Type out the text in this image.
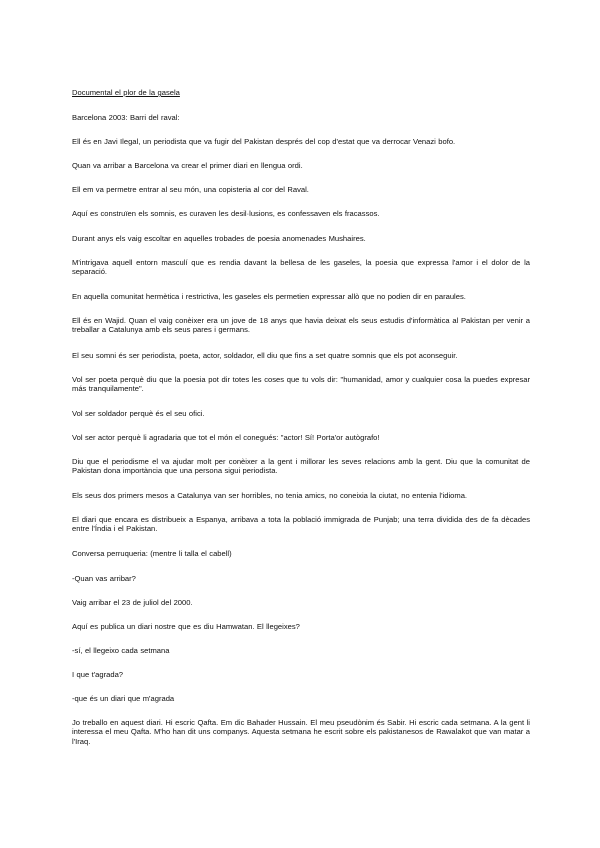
Documental el plor de la gasela
Barcelona 2003: Barri del raval:
Ell és en Javi Ilegal, un periodista que va fugir del Pakistan després del cop d'estat que va derrocar Venazi bofo.
Quan va arribar a Barcelona va crear el primer diari en llengua ordi.
Ell em va permetre entrar al seu món, una copisteria al cor del Raval.
Aquí es construïen els somnis, es curaven les desil·lusions, es confessaven els fracassos.
Durant anys els vaig escoltar en aquelles trobades de poesia anomenades Mushaires.
M'intrigava aquell entorn masculí que es rendia davant la bellesa de les gaseles, la poesia que expressa l'amor i el dolor de la separació.
En aquella comunitat hermètica i restrictiva, les gaseles els permetien expressar allò que no podien dir en paraules.
Ell és en Wajid. Quan el vaig conèixer era un jove de 18 anys que havia deixat els seus estudis d'informàtica al Pakistan per venir a treballar a Catalunya amb els seus pares i germans.
El seu somni és ser periodista, poeta, actor, soldador, ell diu que fins a set quatre somnis que els pot aconseguir.
Vol ser poeta perquè diu que la poesia pot dir totes les coses que tu vols dir: "humanidad, amor y cualquier cosa la puedes expresar más tranquilamente".
Vol ser soldador perquè és el seu ofici.
Vol ser actor perquè li agradaria que tot el món el conegués: "actor! Sí! Porta'or autògrafo!
Diu que el periodisme el va ajudar molt per conèixer a la gent i millorar les seves relacions amb la gent. Diu que la comunitat de Pakistan dona importància que una persona sigui periodista.
Els seus dos primers mesos a Catalunya van ser horribles, no tenia amics, no coneixia la ciutat, no entenia l'idioma.
El diari que encara es distribueix a Espanya, arribava a tota la població immigrada de Punjab; una terra dividida des de fa dècades entre l'Índia i el Pakistan.
Conversa perruqueria: (mentre li talla el cabell)
-Quan vas arribar?
Vaig arribar el 23 de juliol del 2000.
Aquí es publica un diari nostre que es diu Hamwatan. El llegeixes?
-sí, el llegeixo cada setmana
I que t'agrada?
-que és un diari que m'agrada
Jo treballo en aquest diari. Hi escric Qafta. Em dic Bahader Hussain. El meu pseudònim és Sabir. Hi escric cada setmana. A la gent li interessa el meu Qafta. M'ho han dit uns companys. Aquesta setmana he escrit sobre els pakistanesos de Rawalakot que van matar a l'Iraq.
